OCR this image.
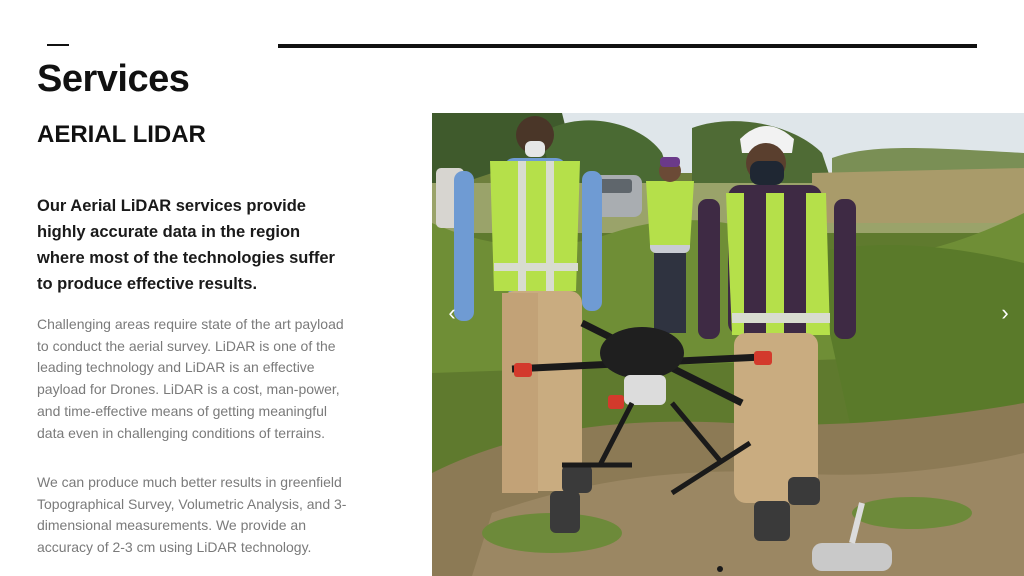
Services
AERIAL LIDAR

Our Aerial LiDAR services provide highly accurate data in the region where most of the technologies suffer to produce effective results.

Challenging areas require state of the art payload to conduct the aerial survey. LiDAR is one of the leading technology and LiDAR is an effective payload for Drones. LiDAR is a cost, man-power, and time-effective means of getting meaningful data even in challenging conditions of terrains.

We can produce much better results in greenfield Topographical Survey, Volumetric Analysis, and 3-dimensional measurements. We provide an accuracy of 2-3 cm using LiDAR technology.

‹	›
